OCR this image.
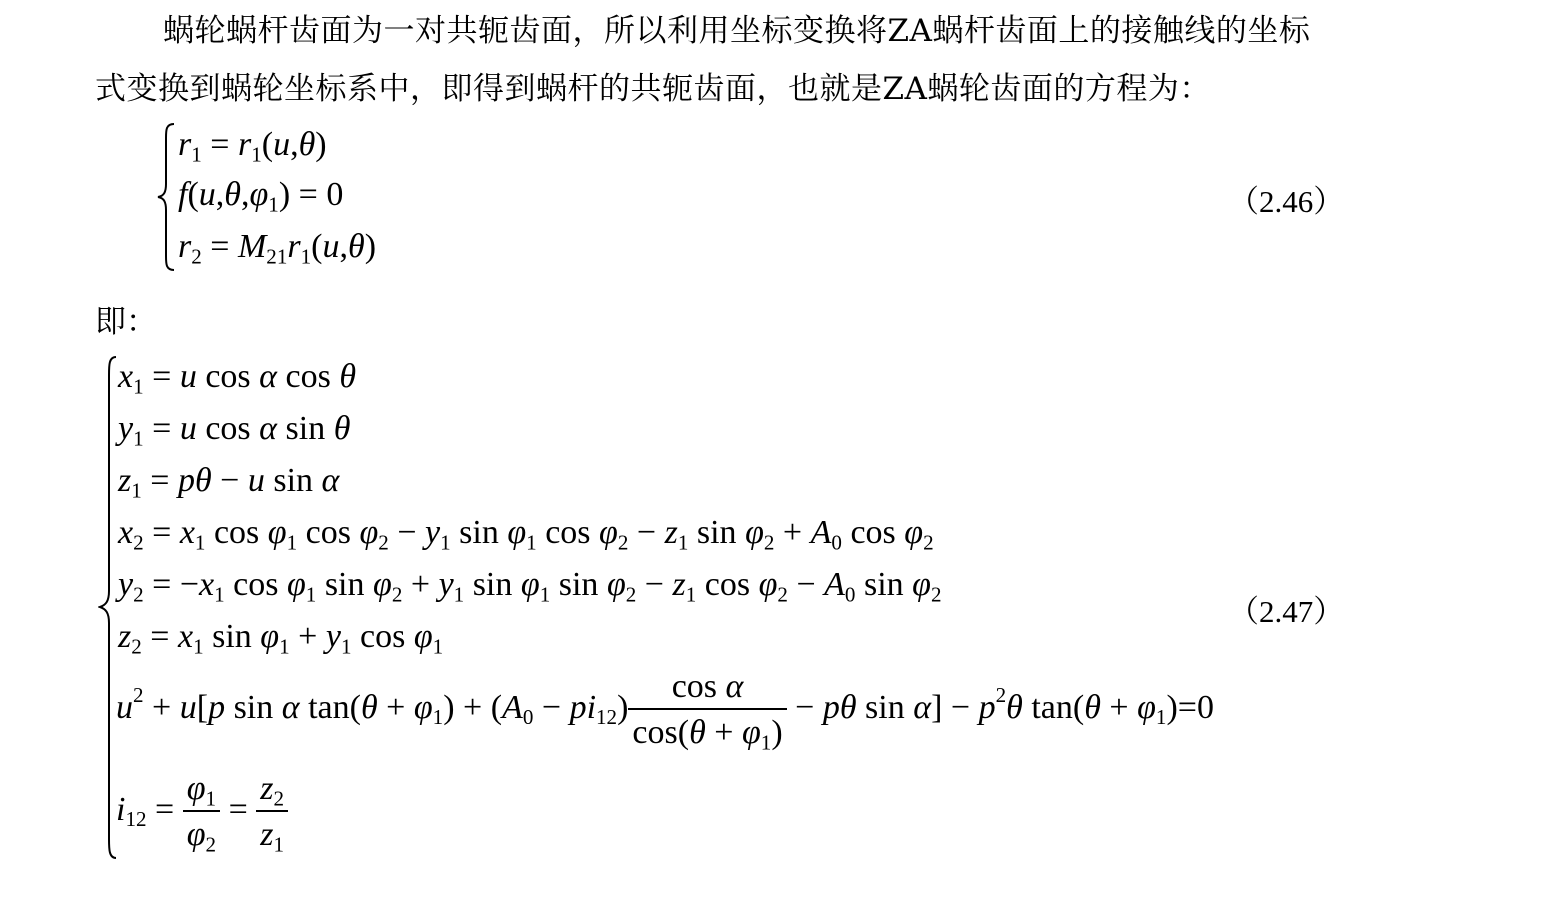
蜗轮蜗杆齿面为一对共轭齿面，所以利用坐标变换将ZA蜗杆齿面上的接触线的坐标
式变换到蜗轮坐标系中，即得到蜗杆的共轭齿面，也就是ZA蜗轮齿面的方程为：
$r_1 = r_1(u,\theta)$
$f(u,\theta,\varphi_1) = 0$
$r_2 = M_{21}r_1(u,\theta)$
（2.46）
即：
$x_1 = u$ cos α cos θ
$y_1 = u$ cos α sin θ
$z_1 = p\theta - u$ sin α
$x_2 = x_1$ $\cos \varphi_1$ $\cos \varphi_2 - y_1$ $\sin \varphi_1$ $\cos \varphi_2 - z_1$ $\sin \varphi_2 + A_0$ $\cos \varphi_2$
$y_2 = -x_1$ $\cos \varphi_1$ $\sin \varphi_2 + y_1$ $\sin \varphi_1$ $\sin \varphi_2 - z_1$ $\cos \varphi_2 - A_0$ $\sin \varphi_2$
$z_2 = x_1$ $\sin \varphi_1 + y_1$ $\cos \varphi_1$
$u^2 + u[p$ sin α $\tan(\theta + \varphi_1) + (A_0 - pi_{12}) \frac{\text{cos α}}{\cos(\theta + \varphi_1)} - p\theta$ $\sin \alpha] - p^2\theta$ $\tan(\theta + \varphi_1)=0$
$i_{12} = \frac{\varphi_1}{\varphi_2} = \frac{z_2}{z_1}$
（2.47）
